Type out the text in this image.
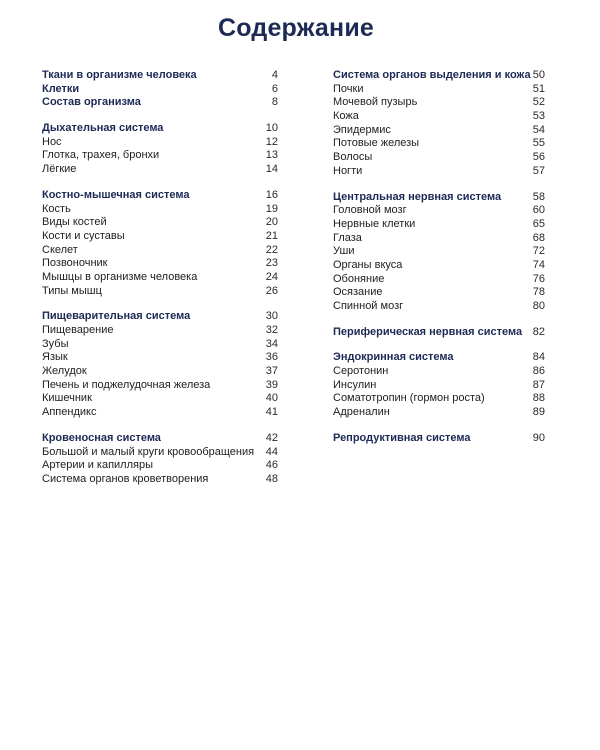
Содержание
Ткани в организме человека	4
Клетки	6
Состав организма	8
Дыхательная система	10
Нос	12
Глотка, трахея, бронхи	13
Лёгкие	14
Костно-мышечная система	16
Кость	19
Виды костей	20
Кости и суставы	21
Скелет	22
Позвоночник	23
Мышцы в организме человека	24
Типы мышц	26
Пищеварительная система	30
Пищеварение	32
Зубы	34
Язык	36
Желудок	37
Печень и поджелудочная железа	39
Кишечник	40
Аппендикс	41
Кровеносная система	42
Большой и малый круги кровообращения 44
Артерии и капилляры	46
Система органов кроветворения	48
Система органов выделения и кожа 50
Почки	51
Мочевой пузырь	52
Кожа	53
Эпидермис	54
Потовые железы	55
Волосы	56
Ногти	57
Центральная нервная система	58
Головной мозг	60
Нервные клетки	65
Глаза	68
Уши	72
Органы вкуса	74
Обоняние	76
Осязание	78
Спинной мозг	80
Периферическая нервная система 82
Эндокринная система	84
Серотонин	86
Инсулин	87
Соматотропин (гормон роста)	88
Адреналин	89
Репродуктивная система	90
